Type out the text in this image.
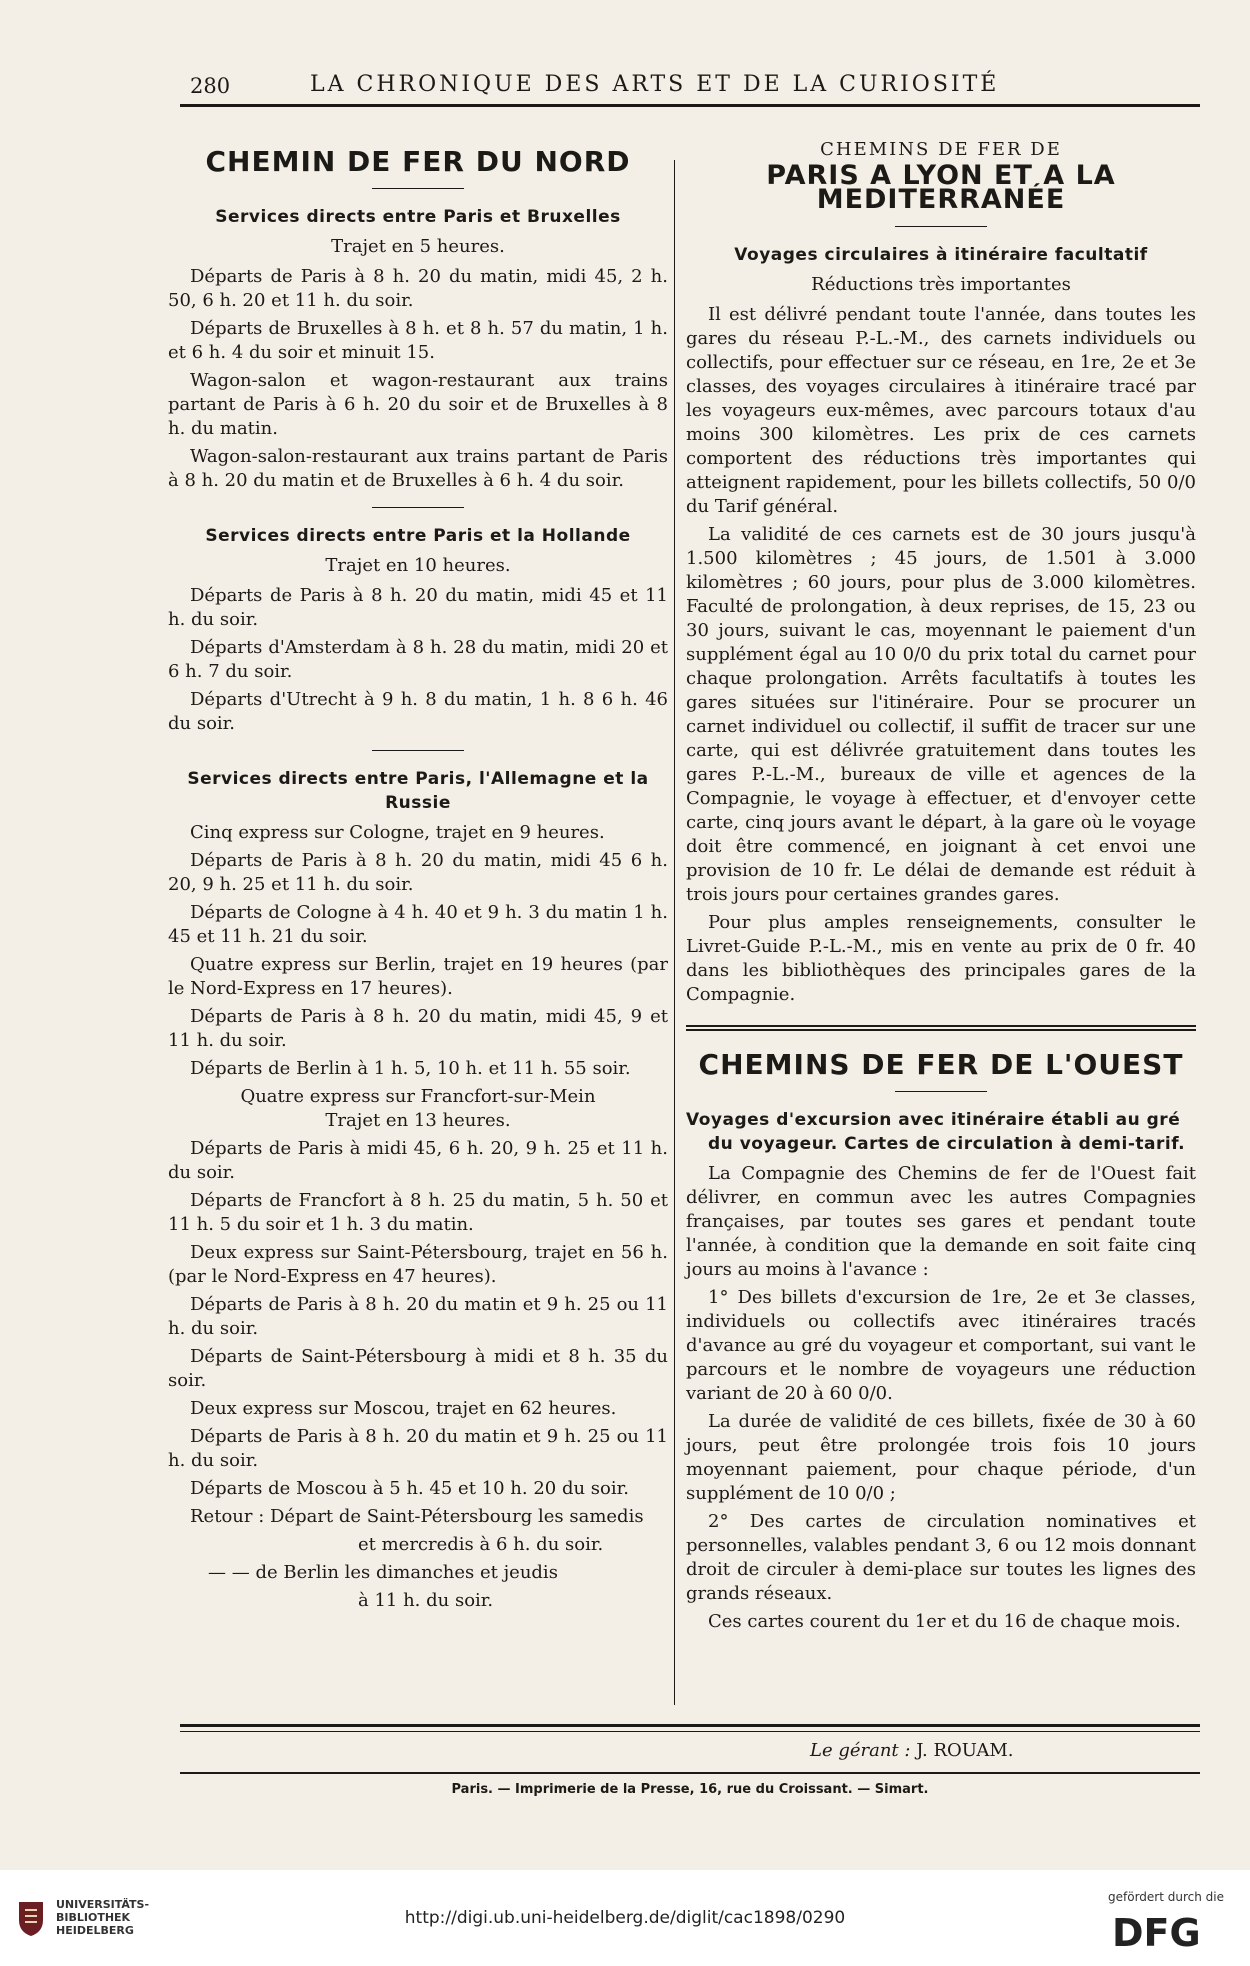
280	LA CHRONIQUE DES ARTS ET DE LA CURIOSITÉ
CHEMIN DE FER DU NORD
Services directs entre Paris et Bruxelles
Trajet en 5 heures.

Départs de Paris à 8 h. 20 du matin, midi 45, 2 h. 50, 6 h. 20 et 11 h. du soir.

Départs de Bruxelles à 8 h. et 8 h. 57 du matin, 1 h. et 6 h. 4 du soir et minuit 15.

Wagon-salon et wagon-restaurant aux trains partant de Paris à 6 h. 20 du soir et de Bruxelles à 8 h. du matin.

Wagon-salon-restaurant aux trains partant de Paris à 8 h. 20 du matin et de Bruxelles à 6 h. 4 du soir.

Services directs entre Paris et la Hollande
Trajet en 10 heures.

Départs de Paris à 8 h. 20 du matin, midi 45 et 11 h. du soir.

Départs d'Amsterdam à 8 h. 28 du matin, midi 20 et 6 h. 7 du soir.

Départs d'Utrecht à 9 h. 8 du matin, 1 h. 8 6 h. 46 du soir.

Services directs entre Paris, l'Allemagne et la Russie

Cinq express sur Cologne, trajet en 9 heures.

Départs de Paris à 8 h. 20 du matin, midi 45 6 h. 20, 9 h. 25 et 11 h. du soir.

Départs de Cologne à 4 h. 40 et 9 h. 3 du matin 1 h. 45 et 11 h. 21 du soir.

Quatre express sur Berlin, trajet en 19 heures (par le Nord-Express en 17 heures).

Départs de Paris à 8 h. 20 du matin, midi 45, 9 et 11 h. du soir.

Départs de Berlin à 1 h. 5, 10 h. et 11 h. 55 soir.

Quatre express sur Francfort-sur-Mein
Trajet en 13 heures.

Départs de Paris à midi 45, 6 h. 20, 9 h. 25 et 11 h. du soir.

Départs de Francfort à 8 h. 25 du matin, 5 h. 50 et 11 h. 5 du soir et 1 h. 3 du matin.

Deux express sur Saint-Pétersbourg, trajet en 56 h. (par le Nord-Express en 47 heures).

Départs de Paris à 8 h. 20 du matin et 9 h. 25 ou 11 h. du soir.

Départs de Saint-Pétersbourg à midi et 8 h. 35 du soir.

Deux express sur Moscou, trajet en 62 heures.

Départs de Paris à 8 h. 20 du matin et 9 h. 25 ou 11 h. du soir.

Départs de Moscou à 5 h. 45 et 10 h. 20 du soir.

Retour : Départ de Saint-Pétersbourg les samedis
et mercredis à 6 h. du soir.
— — de Berlin les dimanches et jeudis
à 11 h. du soir.
CHEMINS DE FER DE
PARIS A LYON ET A LA MEDITERRANÉE
Voyages circulaires à itinéraire facultatif
Réductions très importantes

Il est délivré pendant toute l'année, dans toutes les gares du réseau P.-L.-M., des carnets individuels ou collectifs, pour effectuer sur ce réseau, en 1re, 2e et 3e classes, des voyages circulaires à itinéraire tracé par les voyageurs eux-mêmes, avec parcours totaux d'au moins 300 kilomètres. Les prix de ces carnets comportent des réductions très importantes qui atteignent rapidement, pour les billets collectifs, 50 0/0 du Tarif général.

La validité de ces carnets est de 30 jours jusqu'à 1.500 kilomètres ; 45 jours, de 1.501 à 3.000 kilomètres ; 60 jours, pour plus de 3.000 kilomètres. Faculté de prolongation, à deux reprises, de 15, 23 ou 30 jours, suivant le cas, moyennant le paiement d'un supplément égal au 10 0/0 du prix total du carnet pour chaque prolongation. Arrêts facultatifs à toutes les gares situées sur l'itinéraire. Pour se procurer un carnet individuel ou collectif, il suffit de tracer sur une carte, qui est délivrée gratuitement dans toutes les gares P.-L.-M., bureaux de ville et agences de la Compagnie, le voyage à effectuer, et d'envoyer cette carte, cinq jours avant le départ, à la gare où le voyage doit être commencé, en joignant à cet envoi une provision de 10 fr. Le délai de demande est réduit à trois jours pour certaines grandes gares.

Pour plus amples renseignements, consulter le Livret-Guide P.-L.-M., mis en vente au prix de 0 fr. 40 dans les bibliothèques des principales gares de la Compagnie.

CHEMINS DE FER DE L'OUEST
Voyages d'excursion avec itinéraire établi au gré du voyageur. Cartes de circulation à demi-tarif.

La Compagnie des Chemins de fer de l'Ouest fait délivrer, en commun avec les autres Compagnies françaises, par toutes ses gares et pendant toute l'année, à condition que la demande en soit faite cinq jours au moins à l'avance :

1° Des billets d'excursion de 1re, 2e et 3e classes, individuels ou collectifs avec itinéraires tracés d'avance au gré du voyageur et comportant, sui vant le parcours et le nombre de voyageurs une réduction variant de 20 à 60 0/0.

La durée de validité de ces billets, fixée de 30 à 60 jours, peut être prolongée trois fois 10 jours moyennant paiement, pour chaque période, d'un supplément de 10 0/0 ;

2° Des cartes de circulation nominatives et personnelles, valables pendant 3, 6 ou 12 mois donnant droit de circuler à demi-place sur toutes les lignes des grands réseaux.

Ces cartes courent du 1er et du 16 de chaque mois.

Le gérant : J. ROUAM.
Paris. — Imprimerie de la Presse, 16, rue du Croissant. — Simart.
UNIVERSITÄTS-
BIBLIOTHEK
HEIDELBERG
http://digi.ub.uni-heidelberg.de/diglit/cac1898/0290
gefördert durch die
DFG
